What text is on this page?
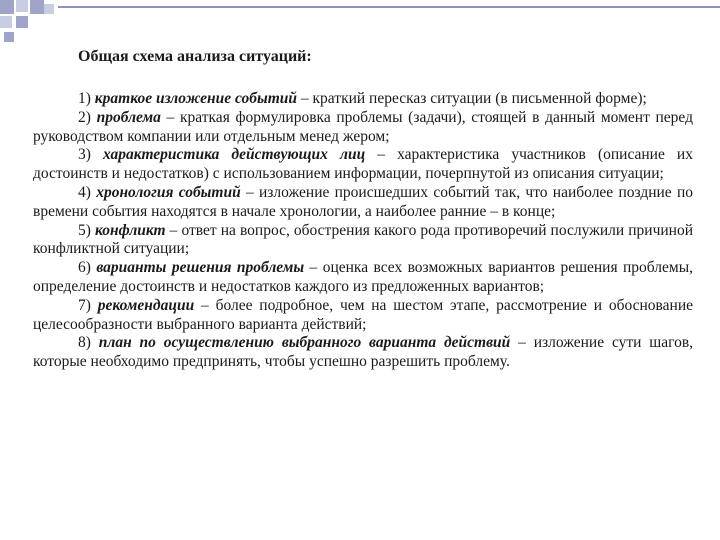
Общая схема анализа ситуаций:

1) краткое изложение событий – краткий пересказ ситуации (в письменной форме);

2) проблема – краткая формулировка проблемы (задачи), стоящей в данный момент перед руководством компании или отдельным менед жером;

3) характеристика действующих лиц – характеристика участников (описание их достоинств и недостатков) с использованием информации, почерпнутой из описания ситуации;

4) хронология событий – изложение происшедших событий так, что наиболее поздние по времени события находятся в начале хронологии, а наиболее ранние – в конце;

5) конфликт – ответ на вопрос, обострения какого рода противоречий послужили причиной конфликтной ситуации;

6) варианты решения проблемы – оценка всех возможных вариантов решения проблемы, определение достоинств и недостатков каждого из предложенных вариантов;

7) рекомендации – более подробное, чем на шестом этапе, рассмотрение и обоснование целесообразности выбранного варианта действий;

8) план по осуществлению выбранного варианта действий – изложение сути шагов, которые необходимо предпринять, чтобы успешно разрешить проблему.
